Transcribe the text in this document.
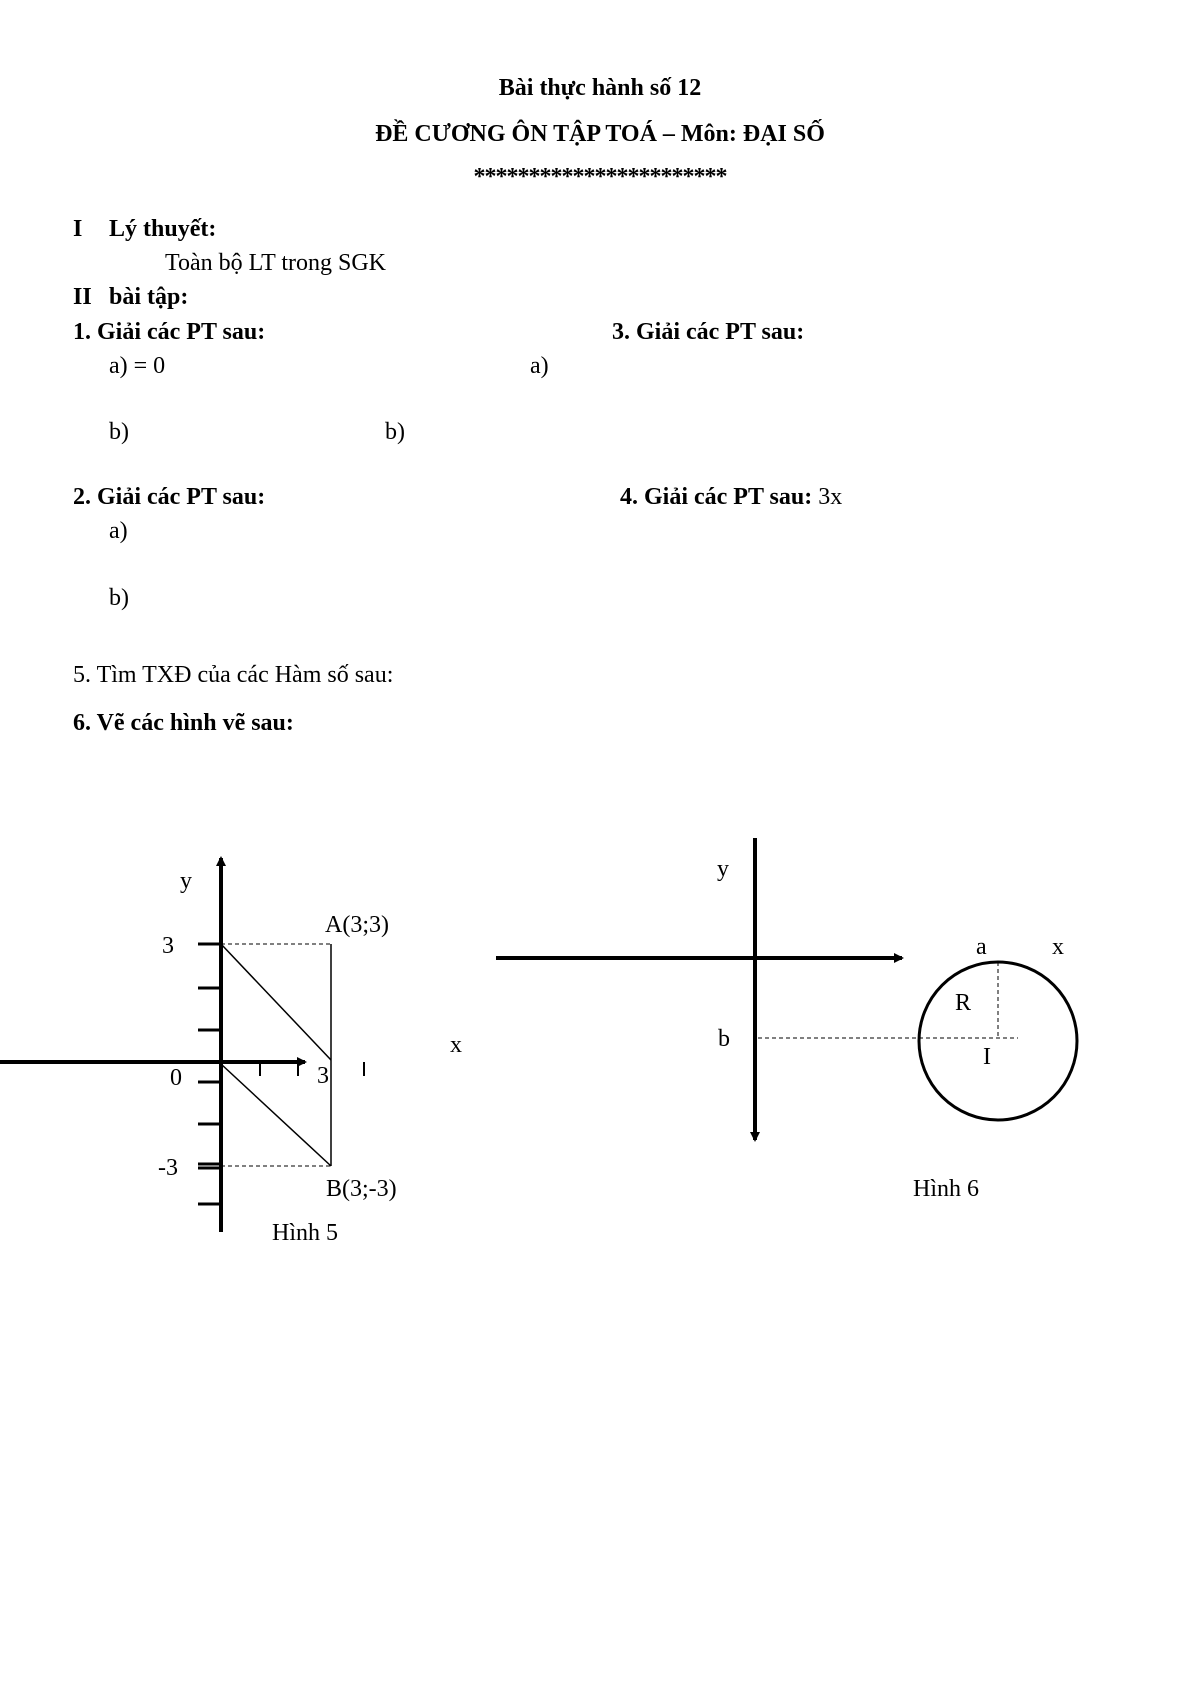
Bài thực hành số 12
ĐỀ CƯƠNG ÔN TẬP TOÁ – Môn: ĐẠI SỐ
***********************
I Lý thuyết:
Toàn bộ LT trong SGK
II bài tập:
1. Giải các PT sau:
a) = 0
b)
3. Giải các PT sau:
a)
b)
2. Giải các PT sau:
a)
b)
4. Giải các PT sau: 3x
5. Tìm TXĐ của các Hàm số sau:
6. Vẽ các hình vẽ sau:
y
x
3
0
-3
3
A(3;3)
B(3;-3)
Hình 5
y
x
a
b
R
I
Hình 6
